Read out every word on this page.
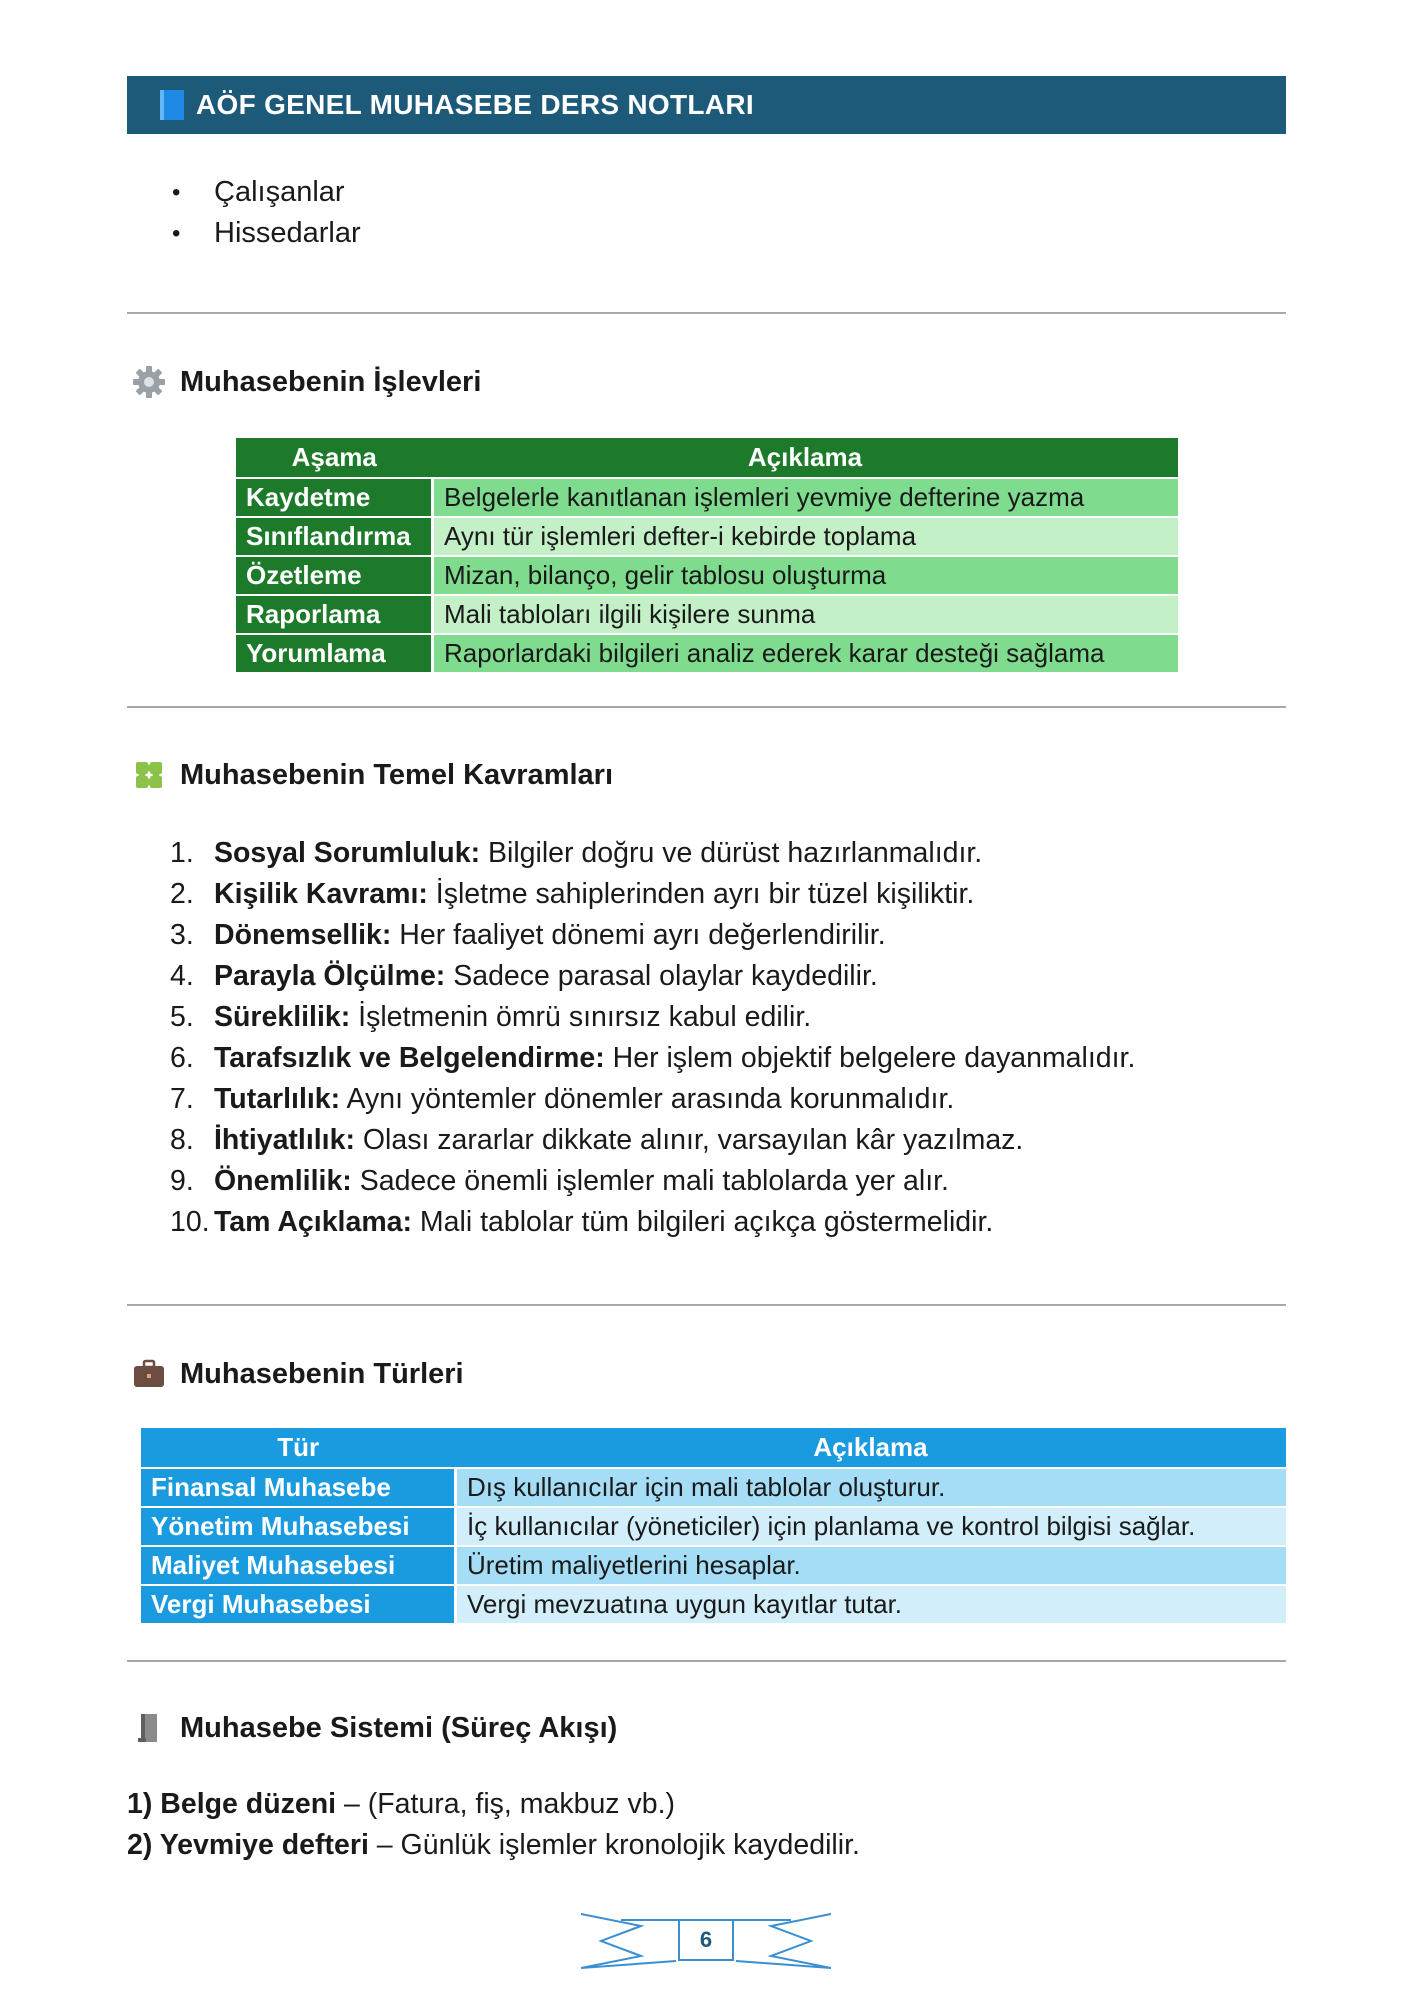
AÖF GENEL MUHASEBE DERS NOTLARI
• Çalışanlar
• Hissedarlar
Muhasebenin İşlevleri
Aşama	Açıklama
Kaydetme	Belgelerle kanıtlanan işlemleri yevmiye defterine yazma
Sınıflandırma	Aynı tür işlemleri defter-i kebirde toplama
Özetleme	Mizan, bilanço, gelir tablosu oluşturma
Raporlama	Mali tabloları ilgili kişilere sunma
Yorumlama	Raporlardaki bilgileri analiz ederek karar desteği sağlama
Muhasebenin Temel Kavramları
1. Sosyal Sorumluluk: Bilgiler doğru ve dürüst hazırlanmalıdır.
2. Kişilik Kavramı: İşletme sahiplerinden ayrı bir tüzel kişiliktir.
3. Dönemsellik: Her faaliyet dönemi ayrı değerlendirilir.
4. Parayla Ölçülme: Sadece parasal olaylar kaydedilir.
5. Süreklilik: İşletmenin ömrü sınırsız kabul edilir.
6. Tarafsızlık ve Belgelendirme: Her işlem objektif belgelere dayanmalıdır.
7. Tutarlılık: Aynı yöntemler dönemler arasında korunmalıdır.
8. İhtiyatlılık: Olası zararlar dikkate alınır, varsayılan kâr yazılmaz.
9. Önemlilik: Sadece önemli işlemler mali tablolarda yer alır.
10. Tam Açıklama: Mali tablolar tüm bilgileri açıkça göstermelidir.
Muhasebenin Türleri
Tür	Açıklama
Finansal Muhasebe	Dış kullanıcılar için mali tablolar oluşturur.
Yönetim Muhasebesi	İç kullanıcılar (yöneticiler) için planlama ve kontrol bilgisi sağlar.
Maliyet Muhasebesi	Üretim maliyetlerini hesaplar.
Vergi Muhasebesi	Vergi mevzuatına uygun kayıtlar tutar.
Muhasebe Sistemi (Süreç Akışı)

1) Belge düzeni – (Fatura, fiş, makbuz vb.)

2) Yevmiye defteri – Günlük işlemler kronolojik kaydedilir.

6
